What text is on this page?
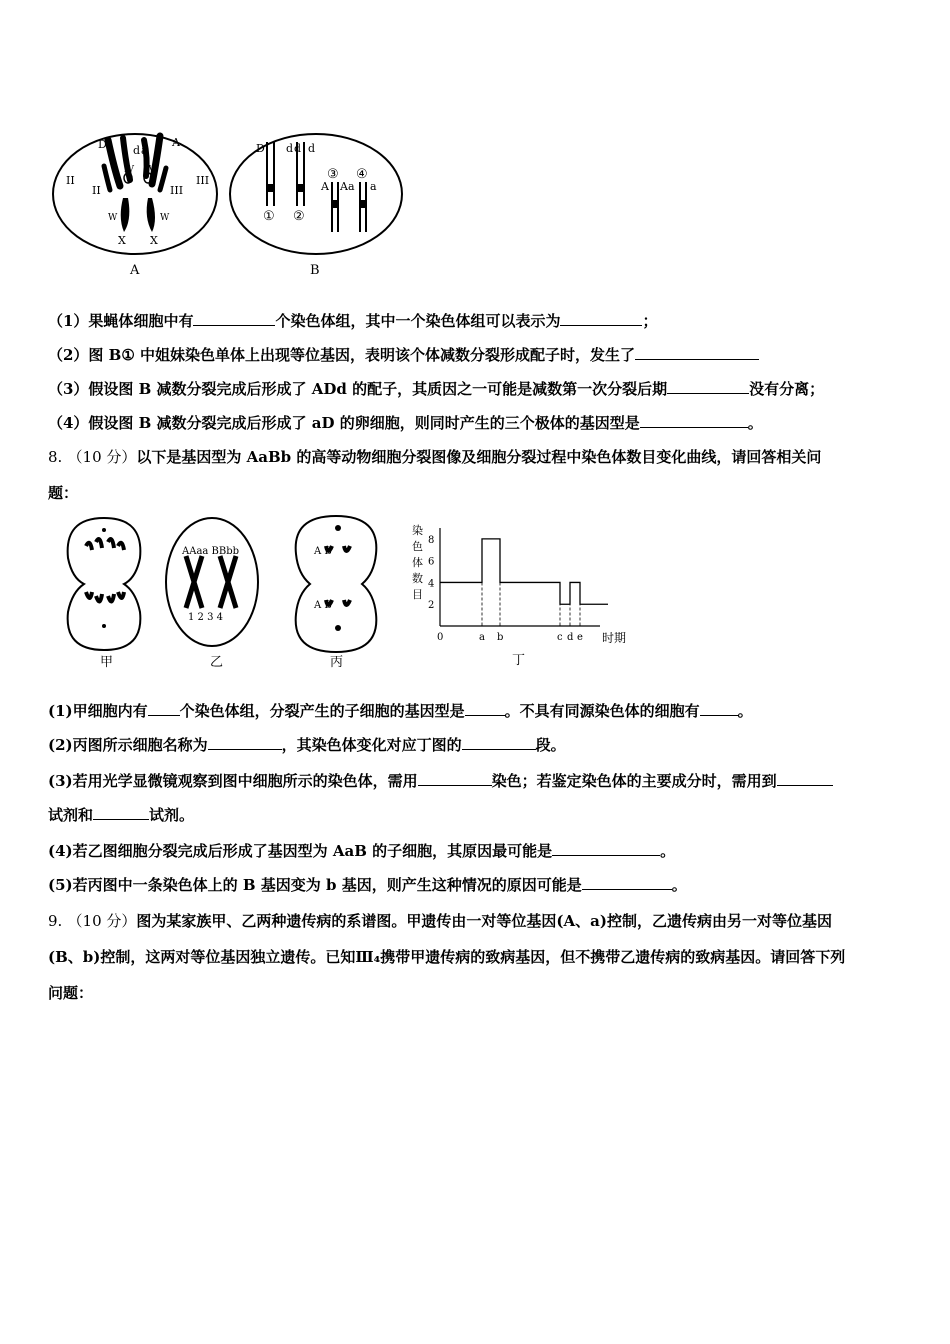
D d a
A
II
II
IV IV
III
III
W	W
X X
A
D d d d
① ②
③ ④
A A a a
B
（1）果蝇体细胞中有	个染色体组，其中一个染色体组可以表示为	；
（2）图 B① 中姐妹染色单体上出现等位基因，表明该个体减数分裂形成配子时，发生了
（3）假设图 B 减数分裂完成后形成了 ADd 的配子，其质因之一可能是减数第一次分裂后期	没有分离；
（4）假设图 B 减数分裂完成后形成了 aD 的卵细胞，则同时产生的三个极体的基因型是	。
8. （10 分）以下是基因型为 AaBb 的高等动物细胞分裂图像及细胞分裂过程中染色体数目变化曲线，请回答相关问
题：
甲
AAaa BBbb
1 2 3 4
乙
A B
A B
丙
染
色
体
数
目
2
4
6
8
0	a b	c d e 时期
丁
(1)甲细胞内有 个染色体组，分裂产生的子细胞的基因型是	。不具有同源染色体的细胞有	。
(2)丙图所示细胞名称为	，其染色体变化对应丁图的	段。
(3)若用光学显微镜观察到图中细胞所示的染色体，需用	染色；若鉴定染色体的主要成分时，需用到
试剂和	试剂。
(4)若乙图细胞分裂完成后形成了基因型为 AaB 的子细胞，其原因最可能是	。
(5)若丙图中一条染色体上的 B 基因变为 b 基因，则产生这种情况的原因可能是	。
9. （10 分）图为某家族甲、乙两种遗传病的系谱图。甲遗传由一对等位基因(A、a)控制，乙遗传病由另一对等位基因
(B、b)控制，这两对等位基因独立遗传。已知Ⅲ₄携带甲遗传病的致病基因，但不携带乙遗传病的致病基因。请回答下列
问题：
